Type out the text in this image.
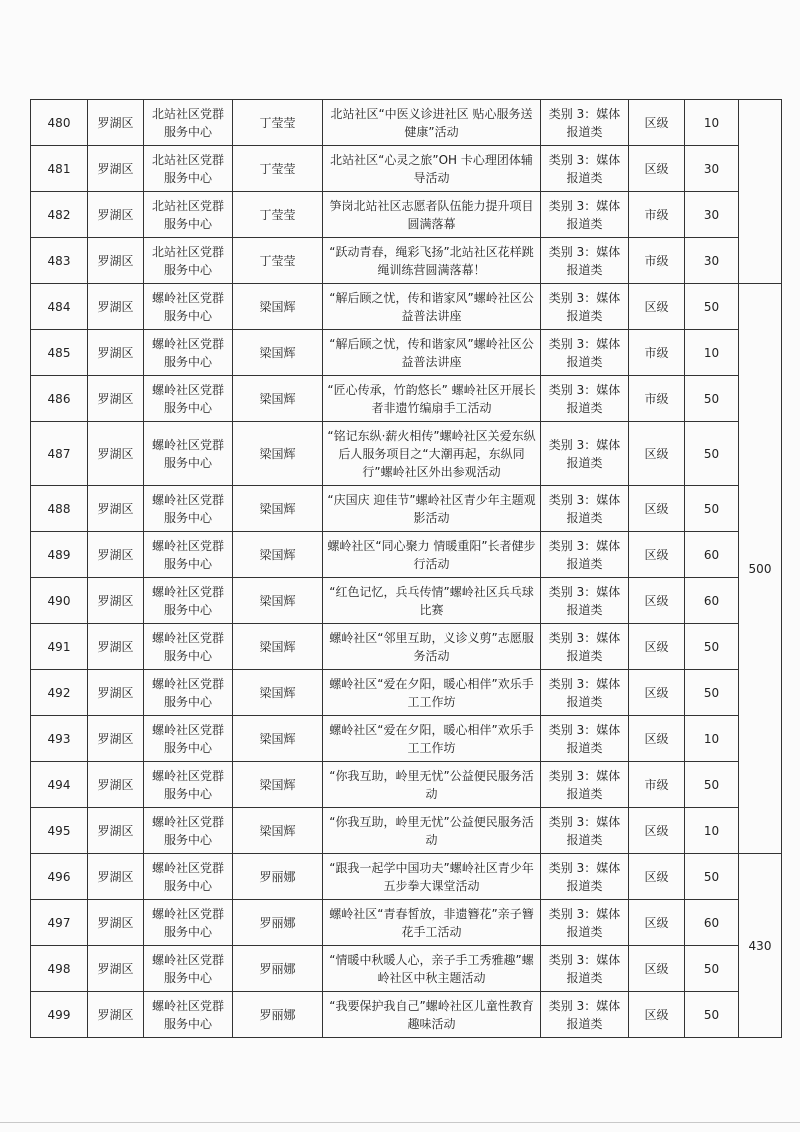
480	罗湖区	北站社区党群服务中心	丁莹莹	北站社区“中医义诊进社区 贴心服务送健康”活动	类别 3：媒体报道类	区级	10	
481	罗湖区	北站社区党群服务中心	丁莹莹	北站社区“心灵之旅”OH 卡心理团体辅导活动	类别 3：媒体报道类	区级	30	
482	罗湖区	北站社区党群服务中心	丁莹莹	笋岗北站社区志愿者队伍能力提升项目圆满落幕	类别 3：媒体报道类	市级	30	
483	罗湖区	北站社区党群服务中心	丁莹莹	“跃动青春，绳彩飞扬”北站社区花样跳绳训练营圆满落幕！	类别 3：媒体报道类	市级	30	
484	罗湖区	螺岭社区党群服务中心	梁国辉	“解后顾之忧，传和谐家风”螺岭社区公益普法讲座	类别 3：媒体报道类	区级	50	500
485	罗湖区	螺岭社区党群服务中心	梁国辉	“解后顾之忧，传和谐家风”螺岭社区公益普法讲座	类别 3：媒体报道类	市级	10	
486	罗湖区	螺岭社区党群服务中心	梁国辉	“匠心传承，竹韵悠长” 螺岭社区开展长者非遗竹编扇手工活动	类别 3：媒体报道类	市级	50	
487	罗湖区	螺岭社区党群服务中心	梁国辉	“铭记东纵·薪火相传”螺岭社区关爱东纵后人服务项目之“大潮再起，东纵同行”螺岭社区外出参观活动	类别 3：媒体报道类	区级	50	
488	罗湖区	螺岭社区党群服务中心	梁国辉	“庆国庆 迎佳节”螺岭社区青少年主题观影活动	类别 3：媒体报道类	区级	50	
489	罗湖区	螺岭社区党群服务中心	梁国辉	螺岭社区“同心聚力 情暖重阳”长者健步行活动	类别 3：媒体报道类	区级	60	
490	罗湖区	螺岭社区党群服务中心	梁国辉	“红色记忆，兵乓传情”螺岭社区兵乓球比赛	类别 3：媒体报道类	区级	60	
491	罗湖区	螺岭社区党群服务中心	梁国辉	螺岭社区“邻里互助，义诊义剪”志愿服务活动	类别 3：媒体报道类	区级	50	
492	罗湖区	螺岭社区党群服务中心	梁国辉	螺岭社区“爱在夕阳，暖心相伴”欢乐手工工作坊	类别 3：媒体报道类	区级	50	
493	罗湖区	螺岭社区党群服务中心	梁国辉	螺岭社区“爱在夕阳，暖心相伴”欢乐手工工作坊	类别 3：媒体报道类	区级	10	
494	罗湖区	螺岭社区党群服务中心	梁国辉	“你我互助，岭里无忧”公益便民服务活动	类别 3：媒体报道类	市级	50	
495	罗湖区	螺岭社区党群服务中心	梁国辉	“你我互助，岭里无忧”公益便民服务活动	类别 3：媒体报道类	区级	10	
496	罗湖区	螺岭社区党群服务中心	罗丽娜	“跟我一起学中国功夫”螺岭社区青少年五步拳大课堂活动	类别 3：媒体报道类	区级	50	430
497	罗湖区	螺岭社区党群服务中心	罗丽娜	螺岭社区“青春皙放，非遗簪花”亲子簪花手工活动	类别 3：媒体报道类	区级	60	
498	罗湖区	螺岭社区党群服务中心	罗丽娜	“情暖中秋暖人心，亲子手工秀雅趣”螺岭社区中秋主题活动	类别 3：媒体报道类	区级	50	
499	罗湖区	螺岭社区党群服务中心	罗丽娜	“我要保护我自己”螺岭社区儿童性教育趣味活动	类别 3：媒体报道类	区级	50	
